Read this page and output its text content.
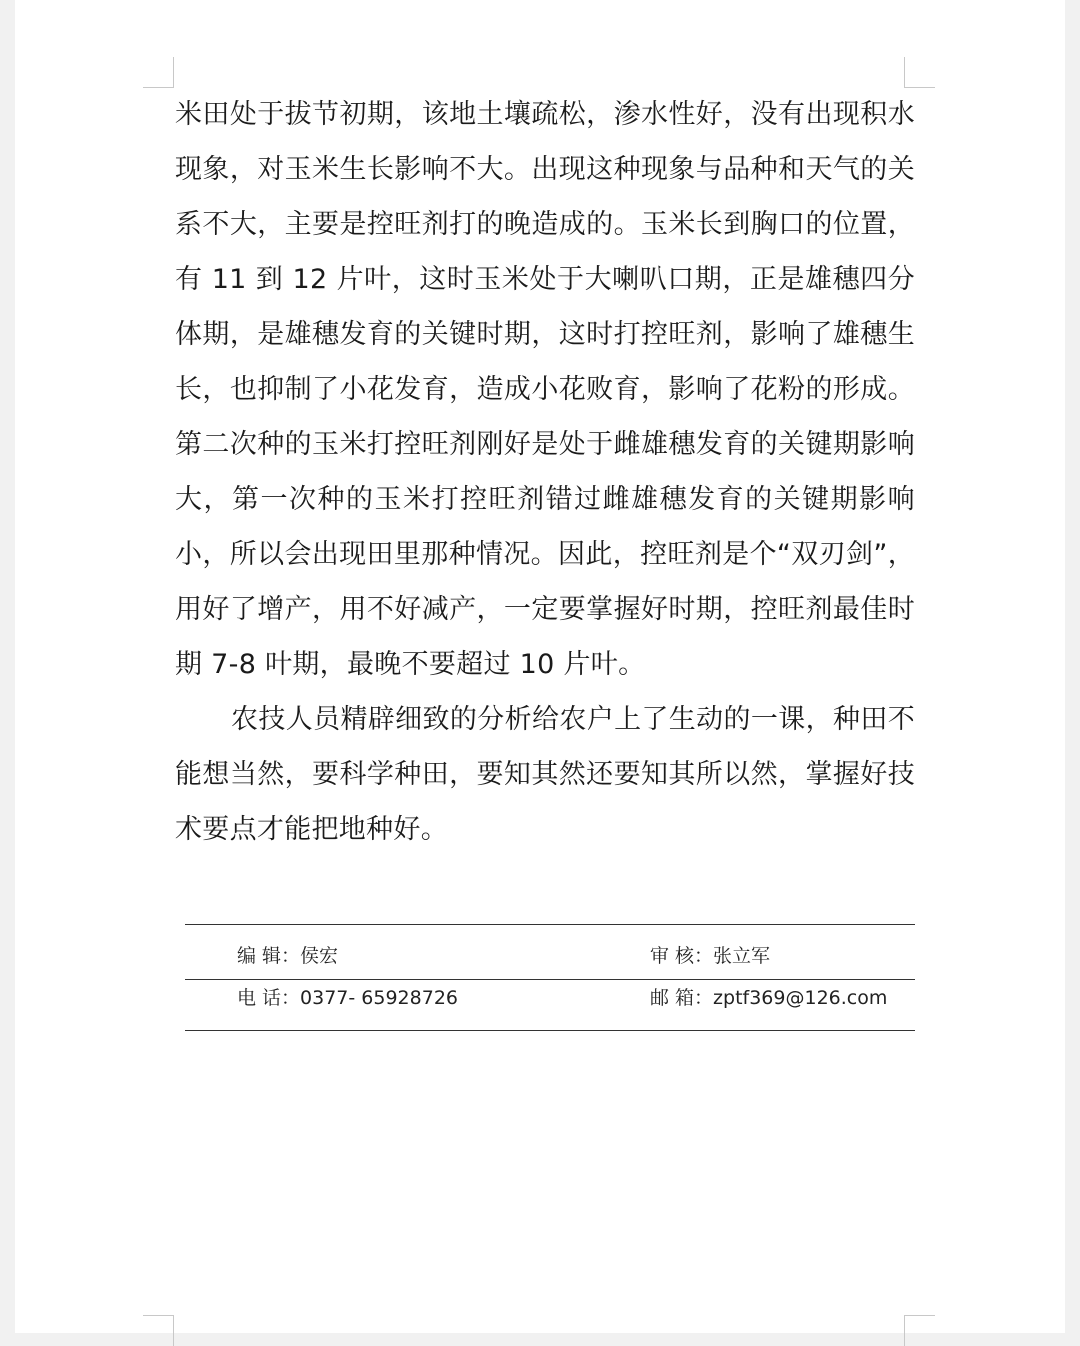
米田处于拔节初期，该地土壤疏松，渗水性好，没有出现积水现象，对玉米生长影响不大。出现这种现象与品种和天气的关系不大，主要是控旺剂打的晚造成的。玉米长到胸口的位置，有 11 到 12 片叶，这时玉米处于大喇叭口期，正是雄穗四分体期，是雄穗发育的关键时期，这时打控旺剂，影响了雄穗生长，也抑制了小花发育，造成小花败育，影响了花粉的形成。第二次种的玉米打控旺剂刚好是处于雌雄穗发育的关键期影响大，第一次种的玉米打控旺剂错过雌雄穗发育的关键期影响小，所以会出现田里那种情况。因此，控旺剂是个“双刃剑”，用好了增产，用不好减产，一定要掌握好时期，控旺剂最佳时期 7-8 叶期，最晚不要超过 10 片叶。

农技人员精辟细致的分析给农户上了生动的一课，种田不能想当然，要科学种田，要知其然还要知其所以然，掌握好技术要点才能把地种好。

编 辑：侯宏	审 核：张立军
电 话：0377- 65928726	邮 箱：zptf369@126.com
